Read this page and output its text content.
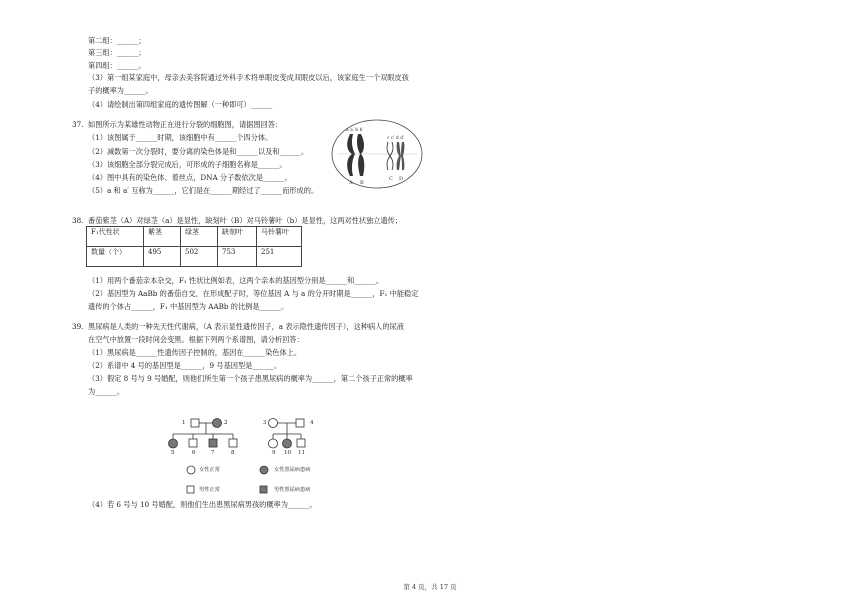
第二组：______；
第三组：______；
第四组：______。
（3）第一组某家庭中，母亲去美容院通过外科手术将单眼皮变成双眼皮以后，该家庭生一个双眼皮孩
子的概率为______。
（4）请绘制出第四组家庭的遗传图解（一种即可）______
37. 如图所示为某雄性动物正在进行分裂的细胞图，请据图回答：
（1）该图属于______时期，该细胞中有______个四分体。
（2）减数第一次分裂时，要分离的染色体是和______以及和______。
（3）该细胞全部分裂完成后，可形成的子细胞名称是______。
（4）图中具有的染色体、着丝点，DNA 分子数依次是______。
（5）a 和 a′ 互称为______，它们是在______期经过了______而形成的。
a a′ b b′
c c′ d d′
A B
C D
38. 番茄紫茎（A）对绿茎（a）是显性，缺刻叶（B）对马铃薯叶（b）是显性，这两对性状独立遗传；
F₁代性状	紫茎	绿茎	缺刻叶	马铃薯叶
数量（个）	495	502	753	251
（1）用两个番茄亲本杂交，F₁ 性状比例如表，这两个亲本的基因型分别是______和______。
（2）基因型为 AaBb 的番茄自交，在形成配子时，等位基因 A 与 a 的分开时期是______，F₁ 中能稳定
遗传的个体占______，F₁ 中基因型为 AABb 的比例是______。
39. 黑尿病是人类的一种先天性代谢病，（A 表示显性遗传因子，a 表示隐性遗传因子），这种病人的尿液
在空气中放置一段时间会变黑。根据下列两个系谱图，请分析回答：
（1）黑尿病是______性遗传因子控制的，基因在______染色体上。
（2）系谱中 4 号的基因型是______，9 号基因型是______。
（3）假定 8 号与 9 号婚配，则他们所生第一个孩子患黑尿病的概率为______，第二个孩子正常的概率
为______。
1	2	3	4
5	6	7	8	9 10 11
女性正常	女性黑尿病患病
男性正常	男性黑尿病患病
（4）若 6 号与 10 号婚配，则他们生出患黑尿病男孩的概率为______。
第 4 页，共 17 页
